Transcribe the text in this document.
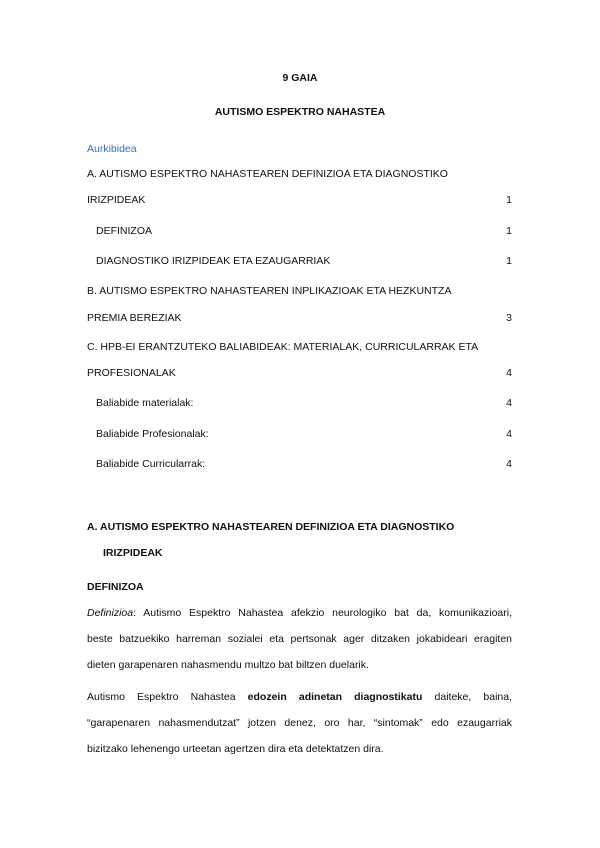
9 GAIA
AUTISMO ESPEKTRO NAHASTEA
Aurkibidea
A. AUTISMO ESPEKTRO NAHASTEAREN DEFINIZIOA ETA DIAGNOSTIKO
IRIZPIDEAK	1
DEFINIZOA	1
DIAGNOSTIKO IRIZPIDEAK ETA EZAUGARRIAK	1
B. AUTISMO ESPEKTRO NAHASTEAREN INPLIKAZIOAK ETA HEZKUNTZA
PREMIA BEREZIAK	3
C. HPB-EI ERANTZUTEKO BALIABIDEAK: MATERIALAK, CURRICULARRAK ETA
PROFESIONALAK	4
Baliabide materialak:	4
Baliabide Profesionalak:	4
Baliabide Curricularrak:	4
A. AUTISMO ESPEKTRO NAHASTEAREN DEFINIZIOA ETA DIAGNOSTIKO
IRIZPIDEAK
DEFINIZOA
Definizioa: Autismo Espektro Nahastea afekzio neurologiko bat da, komunikazioari,
beste batzuekiko harreman sozialei eta pertsonak ager ditzaken jokabideari eragiten
dieten garapenaren nahasmendu multzo bat biltzen duelarik.
Autismo Espektro Nahastea edozein adinetan diagnostikatu daiteke, baina,
“garapenaren nahasmendutzat” jotzen denez, oro har, “sintomak” edo ezaugarriak
bizitzako lehenengo urteetan agertzen dira eta detektatzen dira.
